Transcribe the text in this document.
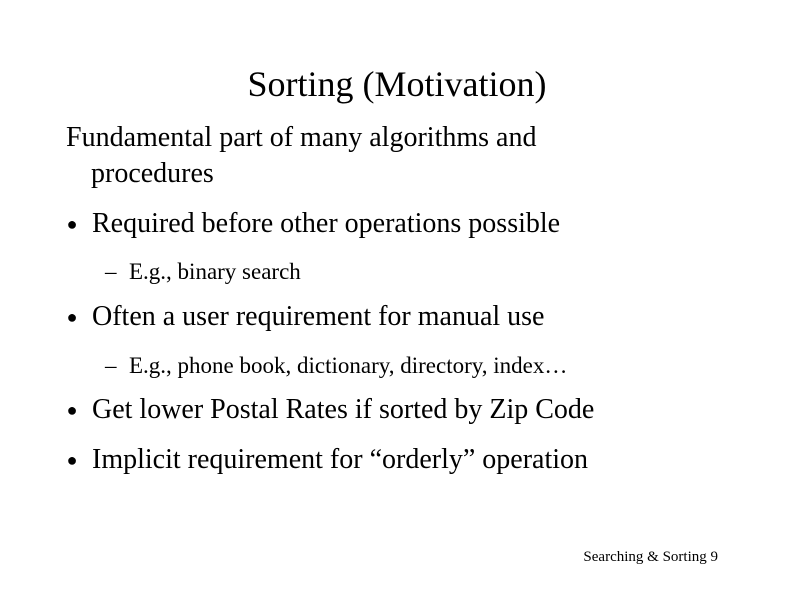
Sorting (Motivation)
Fundamental part of many algorithms and
procedures
● Required before other operations possible
– E.g., binary search
● Often a user requirement for manual use
– E.g., phone book, dictionary, directory, index…
● Get lower Postal Rates if sorted by Zip Code
● Implicit requirement for “orderly” operation
Searching & Sorting 9
